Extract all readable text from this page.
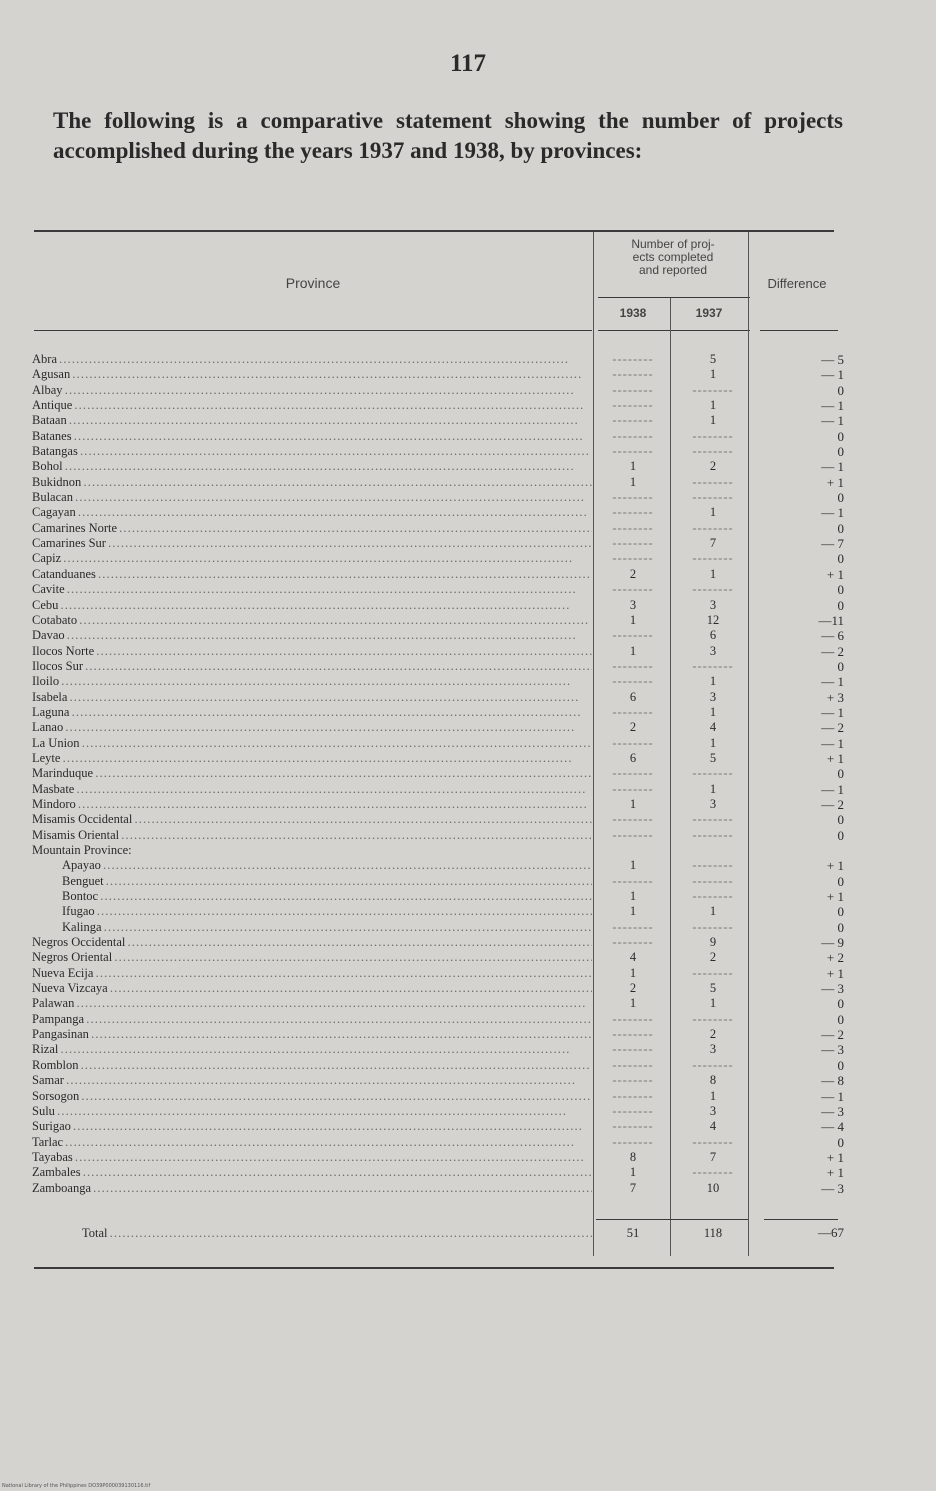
117
The following is a comparative statement showing the number of projects accomplished during the years 1937 and 1938, by provinces:
Province
Number of proj-
ects completed
and reported
1938	1937
Difference
Abra . . .	--------	5	— 5
Agusan . . .	--------	1	— 1
Albay . . .	--------	--------	0
Antique . . .	--------	1	— 1
Bataan . . .	--------	1	— 1
Batanes . . .	--------	--------	0
Batangas . . .	--------	--------	0
Bohol . . .	1	2	— 1
Bukidnon . . .	1	--------	+ 1
Bulacan . . .	--------	--------	0
Cagayan . . .	--------	1	— 1
Camarines Norte . . .	--------	--------	0
Camarines Sur . . .	--------	7	— 7
Capiz . . .	--------	--------	0
Catanduanes . . .	2	1	+ 1
Cavite . . .	--------	--------	0
Cebu . . .	3	3	0
Cotabato . . .	1	12	—11
Davao . . .	--------	6	— 6
Ilocos Norte . . .	1	3	— 2
Ilocos Sur . . .	--------	--------	0
Iloilo . . .	--------	1	— 1
Isabela . . .	6	3	+ 3
Laguna . . .	--------	1	— 1
Lanao . . .	2	4	— 2
La Union . . .	--------	1	— 1
Leyte . . .	6	5	+ 1
Marinduque . . .	--------	--------	0
Masbate . . .	--------	1	— 1
Mindoro . . .	1	3	— 2
Misamis Occidental . . .	--------	--------	0
Misamis Oriental . . .	--------	--------	0
Mountain Province:
Apayao . . .	1	--------	+ 1
Benguet . . .	--------	--------	0
Bontoc . . .	1	--------	+ 1
Ifugao . . .	1	1	0
Kalinga . . .	--------	--------	0
Negros Occidental . . .	--------	9	— 9
Negros Oriental . . .	4	2	+ 2
Nueva Ecija . . .	1	--------	+ 1
Nueva Vizcaya . . .	2	5	— 3
Palawan . . .	1	1	0
Pampanga . . .	--------	--------	0
Pangasinan . . .	--------	2	— 2
Rizal . . .	--------	3	— 3
Romblon . . .	--------	--------	0
Samar . . .	--------	8	— 8
Sorsogon . . .	--------	1	— 1
Sulu . . .	--------	3	— 3
Surigao . . .	--------	4	— 4
Tarlac . . .	--------	--------	0
Tayabas . . .	8	7	+ 1
Zambales . . .	1	--------	+ 1
Zamboanga . . .	7	10	— 3
Total . . .	51	118	—67
National Library of the Philippines DO39P000039130116.tif
